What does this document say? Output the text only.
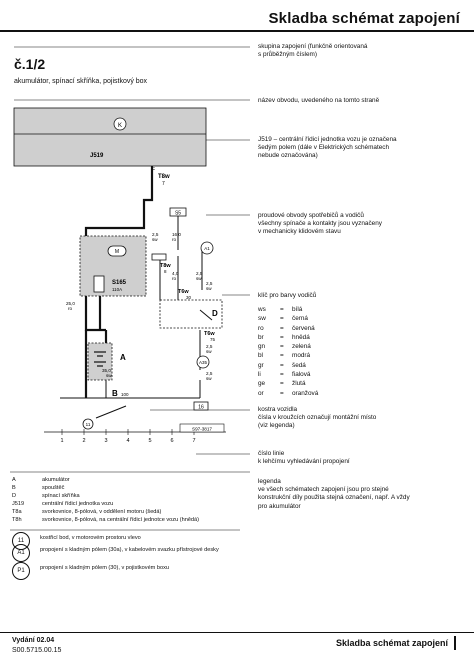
Skladba schémat zapojení
č.1/2
akumulátor, spínací skříňka, pojistkový box
K
J519
F
T8w
7
S5
A1
M
S165
110A
T8w
8
D
T6w
30
T6w
75
A35
16
A
B 100
11
2,5
sw
16,0
ro
4,0
ro
2,5
sw
25,0
ro
35,0
sw
2,5
sw
2,5
sw
2,5
sw
1	2	3	4	5	6	7
S97-3817
skupina zapojení (funkčně orientovaná
s průběžným číslem)
název obvodu, uvedeného na tomto straně
J519 – centrální řídicí jednotka vozu je označena
šedým polem (dále v Elektrických schématech
nebude označována)
proudové obvody spotřebičů a vodičů
všechny spínače a kontakty jsou vyznačeny
v mechanicky klidovém stavu
klíč pro barvy vodičů
ws	=	bílá
sw	=	černá
ro	=	červená
br	=	hnědá
gn	=	zelená
bl	=	modrá
gr	=	šedá
li	=	fialová
ge	=	žlutá
or	=	oranžová
kostra vozidla
čísla v kroužcích označují montážní místo
(viz legenda)
číslo linie
k lehčímu vyhledávání propojení
legenda
ve všech schématech zapojení jsou pro stejné
konstrukční díly použita stejná označení, např. A vždy
pro akumulátor
A	akumulátor
B	spouštěč
D	spínací skříňka
J519	centrální řídicí jednotka vozu
T8a	svorkovnice, 8-pólová, v oddělení motoru (šedá)
T8h	svorkovnice, 8-pólová, na centrální řídicí jednotce vozu (hnědá)
11	kostřicí bod, v motorovém prostoru vlevo
A1	propojení s kladným pólem (30a), v kabelovém svazku přístrojové desky
P1	propojení s kladným pólem (30), v pojistkovém boxu
Vydání 02.04
S00.5715.00.15
Skladba schémat zapojení
